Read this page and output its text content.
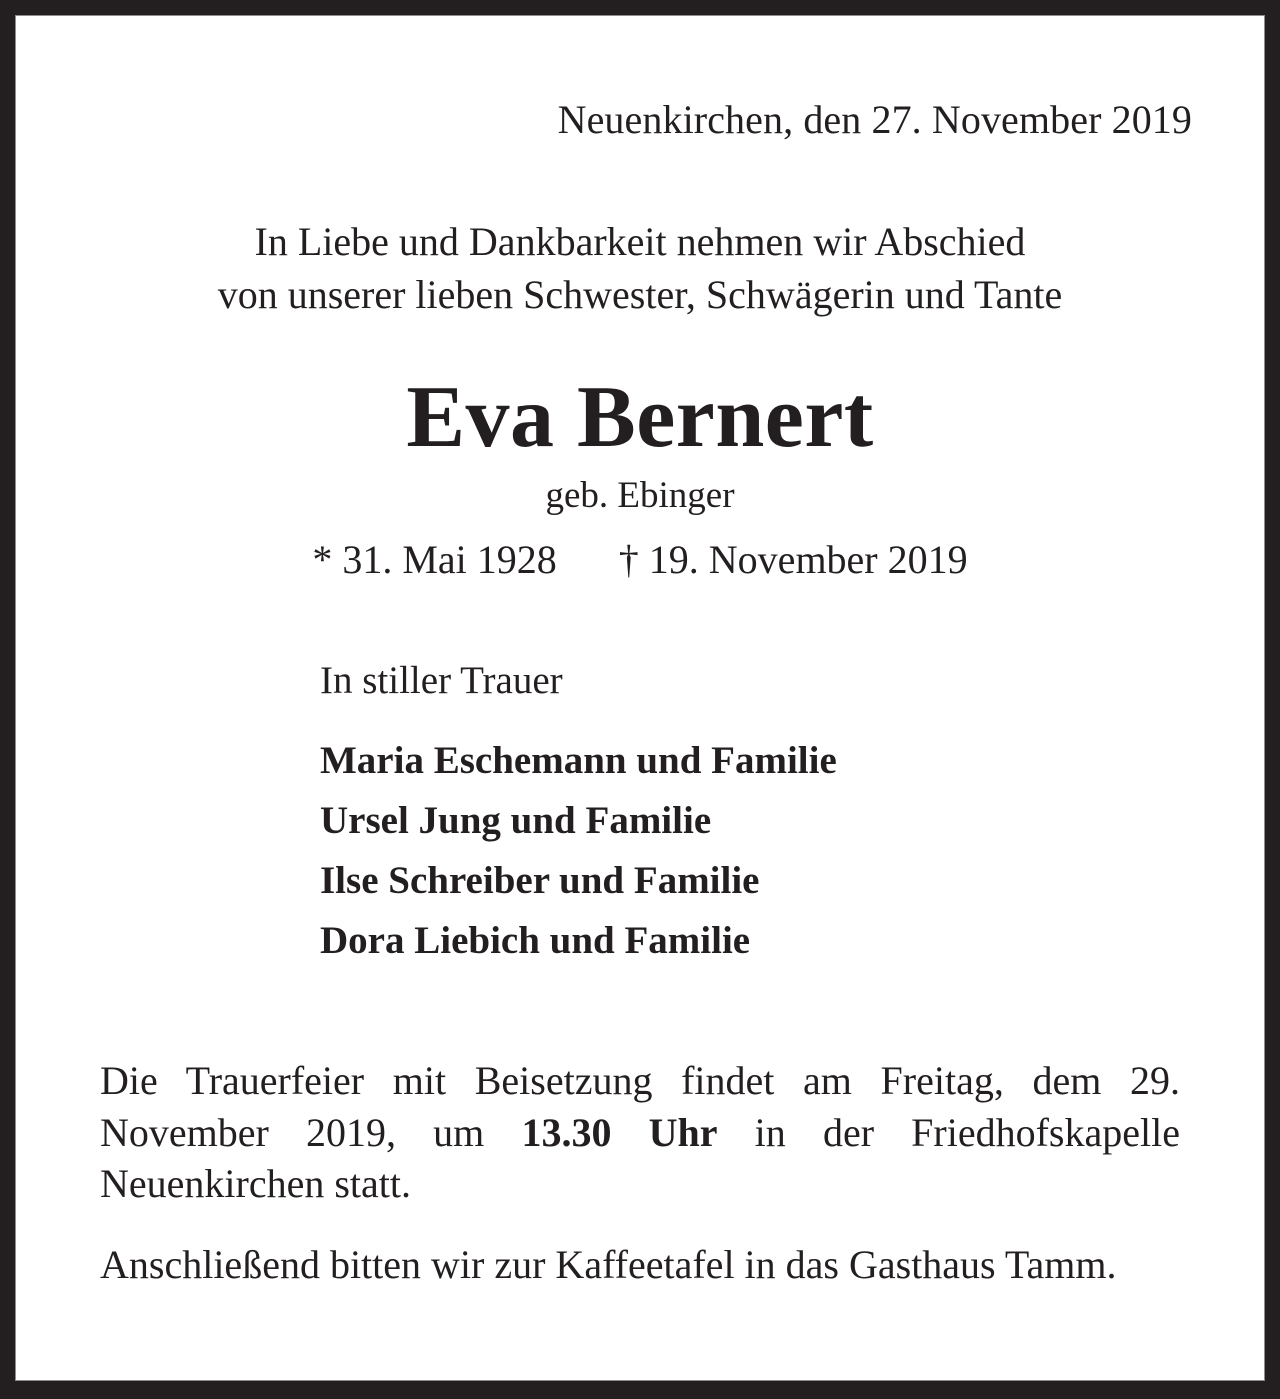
Neuenkirchen, den 27. November 2019
In Liebe und Dankbarkeit nehmen wir Abschied
von unserer lieben Schwester, Schwägerin und Tante
Eva Bernert
geb. Ebinger
* 31. Mai 1928 † 19. November 2019
In stiller Trauer
Maria Eschemann und Familie
Ursel Jung und Familie
Ilse Schreiber und Familie
Dora Liebich und Familie

Die Trauerfeier mit Beisetzung findet am Freitag, dem 29. November 2019, um 13.30 Uhr in der Friedhofskapelle Neuenkirchen statt.

Anschließend bitten wir zur Kaffeetafel in das Gasthaus Tamm.
